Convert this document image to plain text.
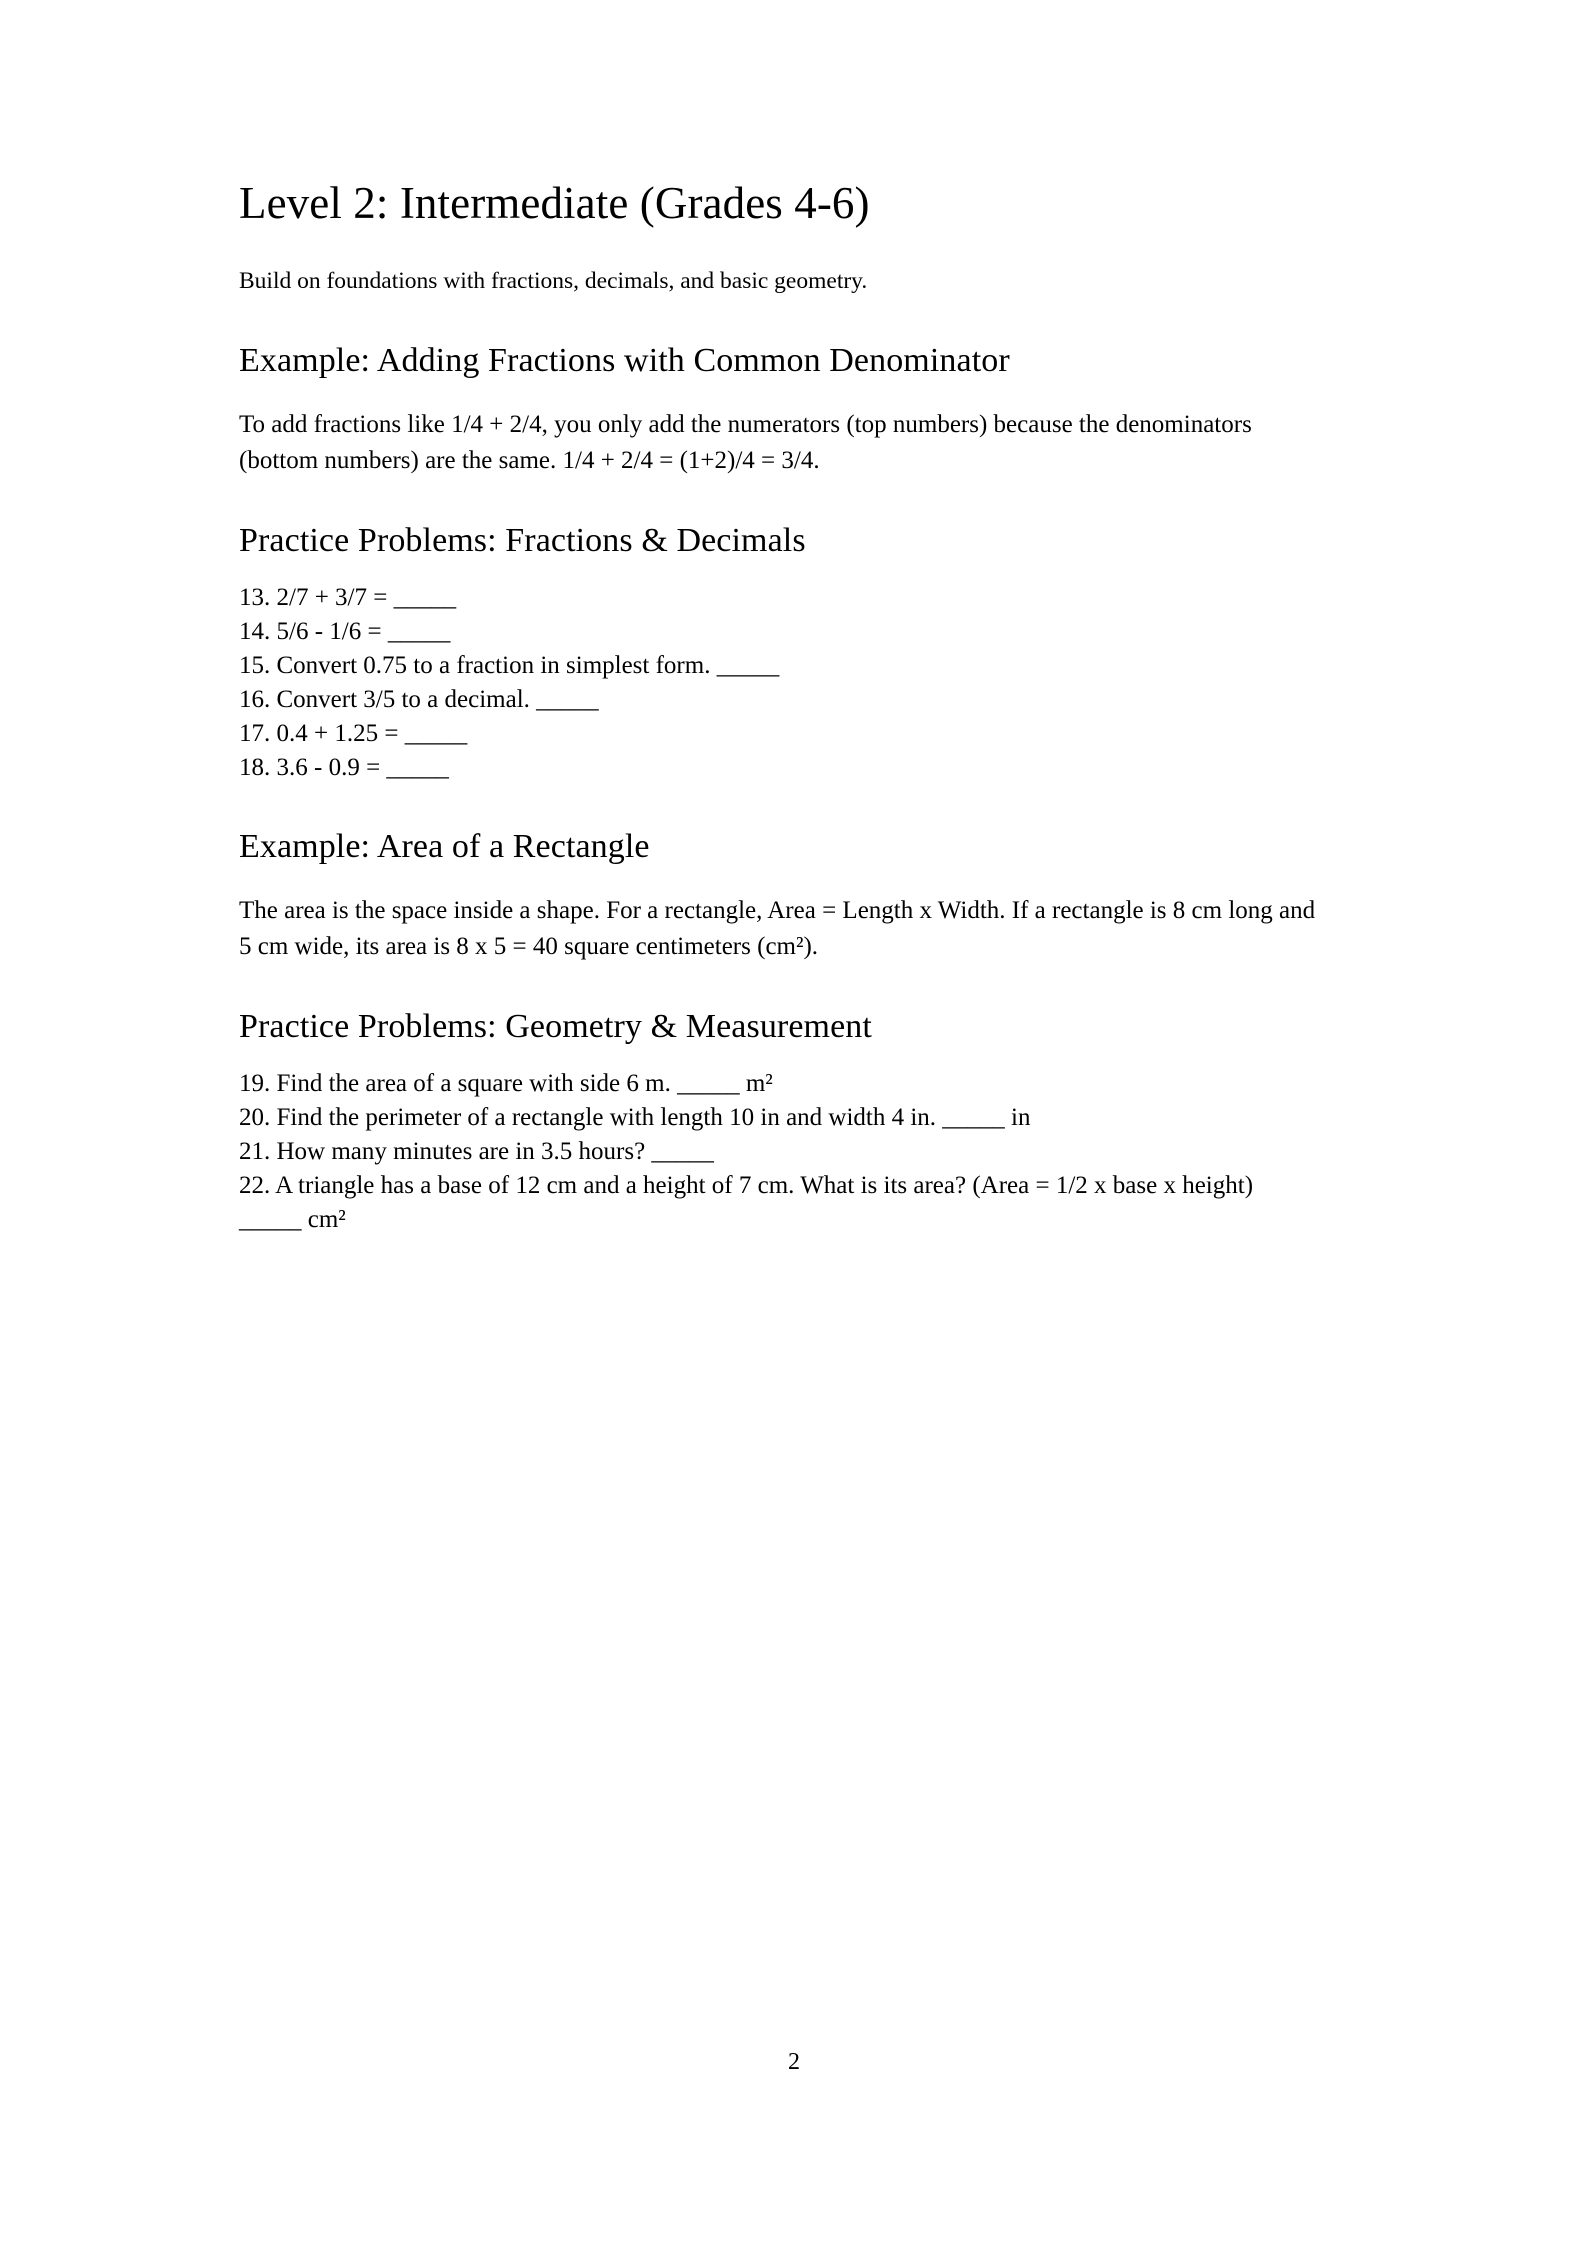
Level 2: Intermediate (Grades 4-6)

Build on foundations with fractions, decimals, and basic geometry.

Example: Adding Fractions with Common Denominator

To add fractions like 1/4 + 2/4, you only add the numerators (top numbers) because the denominators (bottom numbers) are the same. 1/4 + 2/4 = (1+2)/4 = 3/4.

Practice Problems: Fractions & Decimals
13. 2/7 + 3/7 = _____
14. 5/6 - 1/6 = _____
15. Convert 0.75 to a fraction in simplest form. _____
16. Convert 3/5 to a decimal. _____
17. 0.4 + 1.25 = _____
18. 3.6 - 0.9 = _____
Example: Area of a Rectangle

The area is the space inside a shape. For a rectangle, Area = Length x Width. If a rectangle is 8 cm long and 5 cm wide, its area is 8 x 5 = 40 square centimeters (cm²).

Practice Problems: Geometry & Measurement
19. Find the area of a square with side 6 m. _____ m²
20. Find the perimeter of a rectangle with length 10 in and width 4 in. _____ in
21. How many minutes are in 3.5 hours? _____
22. A triangle has a base of 12 cm and a height of 7 cm. What is its area? (Area = 1/2 x base x height) _____ cm²
2
